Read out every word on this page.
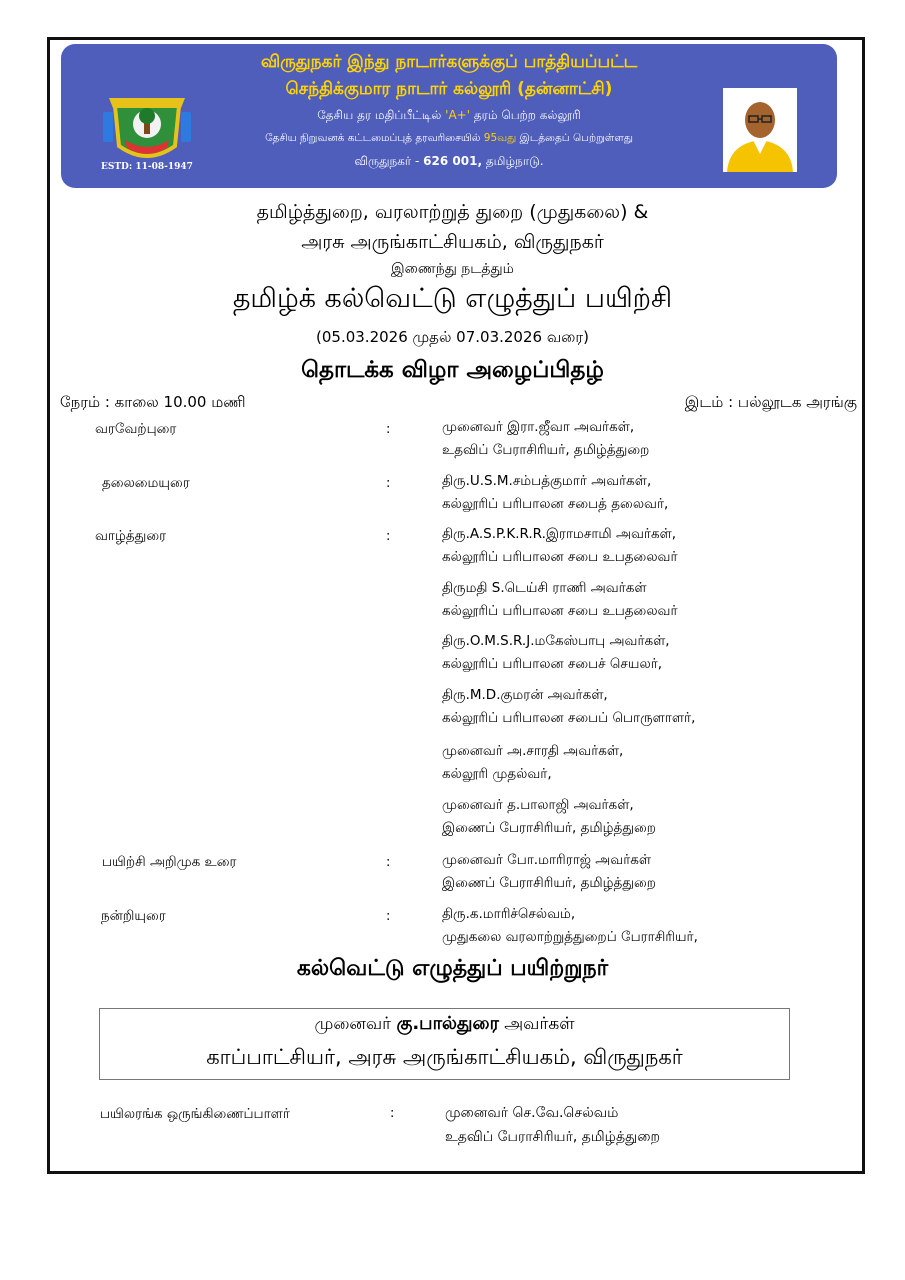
விருதுநகர் இந்து நாடார்களுக்குப் பாத்தியப்பட்ட
செந்திக்குமார நாடார் கல்லூரி (தன்னாட்சி)
தேசிய தர மதிப்பீட்டில் 'A+' தரம் பெற்ற கல்லூரி
தேசிய நிறுவனக் கட்டமைப்புத் தரவரிசையில் 95வது இடத்தைப் பெற்றுள்ளது
விருதுநகர் - 626 001, தமிழ்நாடு.
ESTD: 11-08-1947
தமிழ்த்துறை, வரலாற்றுத் துறை (முதுகலை) &
அரசு அருங்காட்சியகம், விருதுநகர்
இணைந்து நடத்தும்
தமிழ்க் கல்வெட்டு எழுத்துப் பயிற்சி
(05.03.2026 முதல் 07.03.2026 வரை)
தொடக்க விழா அழைப்பிதழ்
நேரம் : காலை 10.00 மணி	இடம் : பல்லூடக அரங்கு
வரவேற்புரை	:	முனைவர் இரா.ஜீவா அவர்கள்,
உதவிப் பேராசிரியர், தமிழ்த்துறை
தலைமையுரை	:	திரு.U.S.M.சம்பத்குமார் அவர்கள்,
கல்லூரிப் பரிபாலன சபைத் தலைவர்,
வாழ்த்துரை	:	திரு.A.S.P.K.R.R.இராமசாமி அவர்கள்,
கல்லூரிப் பரிபாலன சபை உபதலைவர்
திருமதி S.டெய்சி ராணி அவர்கள்
கல்லூரிப் பரிபாலன சபை உபதலைவர்
திரு.O.M.S.R.J.மகேஸ்பாபு அவர்கள்,
கல்லூரிப் பரிபாலன சபைச் செயலர்,
திரு.M.D.குமரன் அவர்கள்,
கல்லூரிப் பரிபாலன சபைப் பொருளாளர்,
முனைவர் அ.சாரதி அவர்கள்,
கல்லூரி முதல்வர்,
முனைவர் த.பாலாஜி அவர்கள்,
இணைப் பேராசிரியர், தமிழ்த்துறை
பயிற்சி அறிமுக உரை	:	முனைவர் போ.மாரிராஜ் அவர்கள்
இணைப் பேராசிரியர், தமிழ்த்துறை
நன்றியுரை	:	திரு.க.மாரிச்செல்வம்,
முதுகலை வரலாற்றுத்துறைப் பேராசிரியர்,
கல்வெட்டு எழுத்துப் பயிற்றுநர்
முனைவர் கு.பால்துரை அவர்கள்
காப்பாட்சியர், அரசு அருங்காட்சியகம், விருதுநகர்
பயிலரங்க ஒருங்கிணைப்பாளர்	:	முனைவர் செ.வே.செல்வம்
உதவிப் பேராசிரியர், தமிழ்த்துறை
